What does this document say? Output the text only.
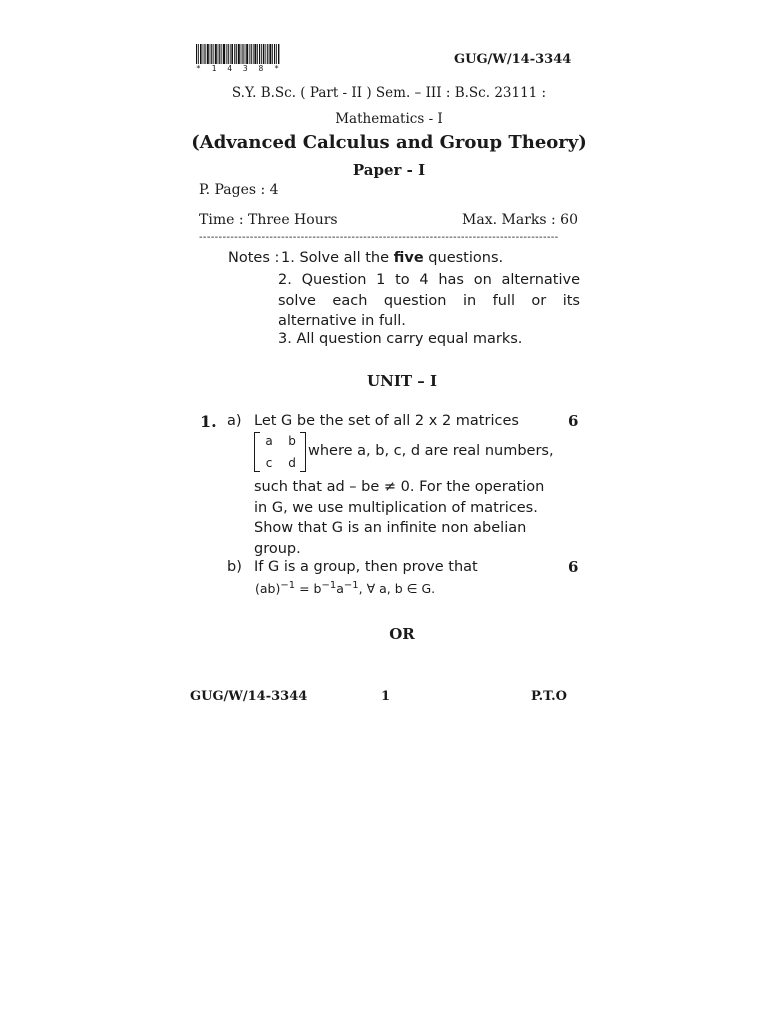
* 1 4 3 8 *
GUG/W/14-3344
S.Y. B.Sc. ( Part - II ) Sem. – III : B.Sc. 23111 :
Mathematics - I
(Advanced Calculus and Group Theory)
Paper - I
P. Pages : 4
Time : Three Hours	Max. Marks : 60
--------------------------------------------------------------------------------------------
Notes : 1. Solve all the five questions.
2. Question 1 to 4 has on alternative solve each question in full or its alternative in full.
3. All question carry equal marks.
UNIT – I
1. a) Let G be the set of all 2 x 2 matrices	6
a b
c d
where a, b, c, d are real numbers,
such that ad – be ≠ 0. For the operation in G, we use multiplication of matrices. Show that G is an infinite non abelian group.
b) If G is a group, then prove that	6
$(ab)^{-1} = b^{-1}a^{-1}$, ∀ a, b ∈ G.
OR
GUG/W/14-3344	1	P.T.O
